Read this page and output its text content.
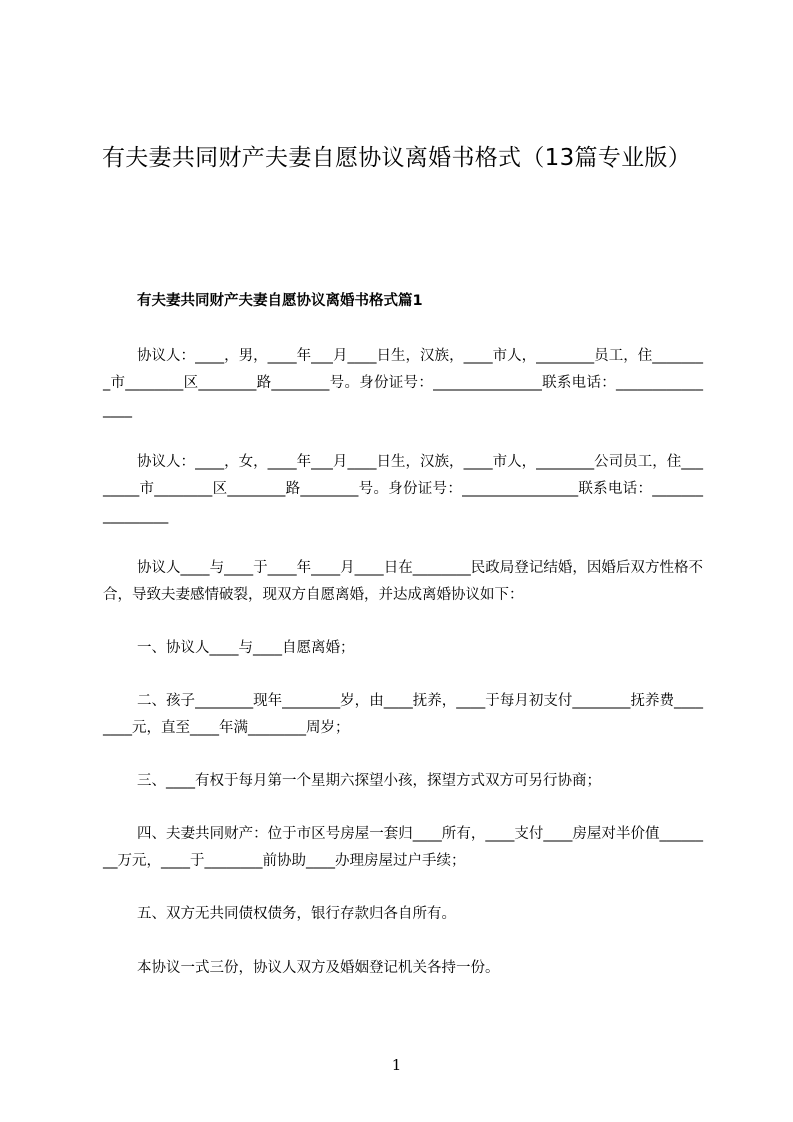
有夫妻共同财产夫妻自愿协议离婚书格式（13篇专业版）
有夫妻共同财产夫妻自愿协议离婚书格式篇1
协议人：____，男，____年___月____日生，汉族，____市人，________员工，住________市________区________路________号。身份证号：_______________联系电话：________________
协议人：____，女，____年___月____日生，汉族，____市人，________公司员工，住________市________区________路________号。身份证号：________________联系电话：________________
协议人____与____于____年____月____日在________民政局登记结婚，因婚后双方性格不合，导致夫妻感情破裂，现双方自愿离婚，并达成离婚协议如下：
一、协议人____与____自愿离婚；
二、孩子________现年________岁，由____抚养，____于每月初支付________抚养费________元，直至____年满________周岁；
三、____有权于每月第一个星期六探望小孩，探望方式双方可另行协商；
四、夫妻共同财产：位于市区号房屋一套归____所有，____支付____房屋对半价值________万元，____于________前协助____办理房屋过户手续；
五、双方无共同债权债务，银行存款归各自所有。
本协议一式三份，协议人双方及婚姻登记机关各持一份。
1
